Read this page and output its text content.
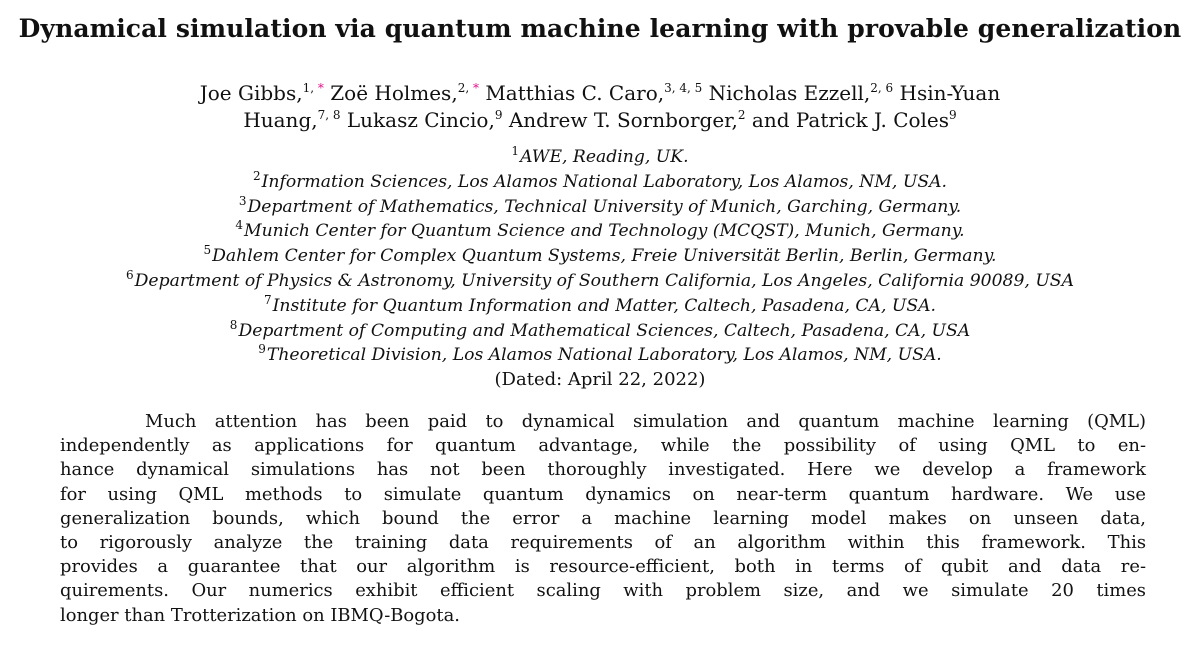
Dynamical simulation via quantum machine learning with provable generalization
Joe Gibbs,$^{1, *}$ Zoë Holmes,$^{2, *}$ Matthias C. Caro,$^{3, 4, 5}$ Nicholas Ezzell,$^{2, 6}$ Hsin-Yuan
Huang,$^{7, 8}$ Lukasz Cincio,$^9$ Andrew T. Sornborger,$^2$ and Patrick J. Coles$^9$
$^1$AWE, Reading, UK.
$^2$Information Sciences, Los Alamos National Laboratory, Los Alamos, NM, USA.
$^3$Department of Mathematics, Technical University of Munich, Garching, Germany.
$^4$Munich Center for Quantum Science and Technology (MCQST), Munich, Germany.
$^5$Dahlem Center for Complex Quantum Systems, Freie Universität Berlin, Berlin, Germany.
$^6$Department of Physics & Astronomy, University of Southern California, Los Angeles, California 90089, USA
$^7$Institute for Quantum Information and Matter, Caltech, Pasadena, CA, USA.
$^8$Department of Computing and Mathematical Sciences, Caltech, Pasadena, CA, USA
$^9$Theoretical Division, Los Alamos National Laboratory, Los Alamos, NM, USA.
(Dated: April 22, 2022)
Much attention has been paid to dynamical simulation and quantum machine learning (QML)
independently as applications for quantum advantage, while the possibility of using QML to en-
hance dynamical simulations has not been thoroughly investigated. Here we develop a framework
for using QML methods to simulate quantum dynamics on near-term quantum hardware. We use
generalization bounds, which bound the error a machine learning model makes on unseen data,
to rigorously analyze the training data requirements of an algorithm within this framework. This
provides a guarantee that our algorithm is resource-efficient, both in terms of qubit and data re-
quirements. Our numerics exhibit efficient scaling with problem size, and we simulate 20 times
longer than Trotterization on IBMQ-Bogota.
